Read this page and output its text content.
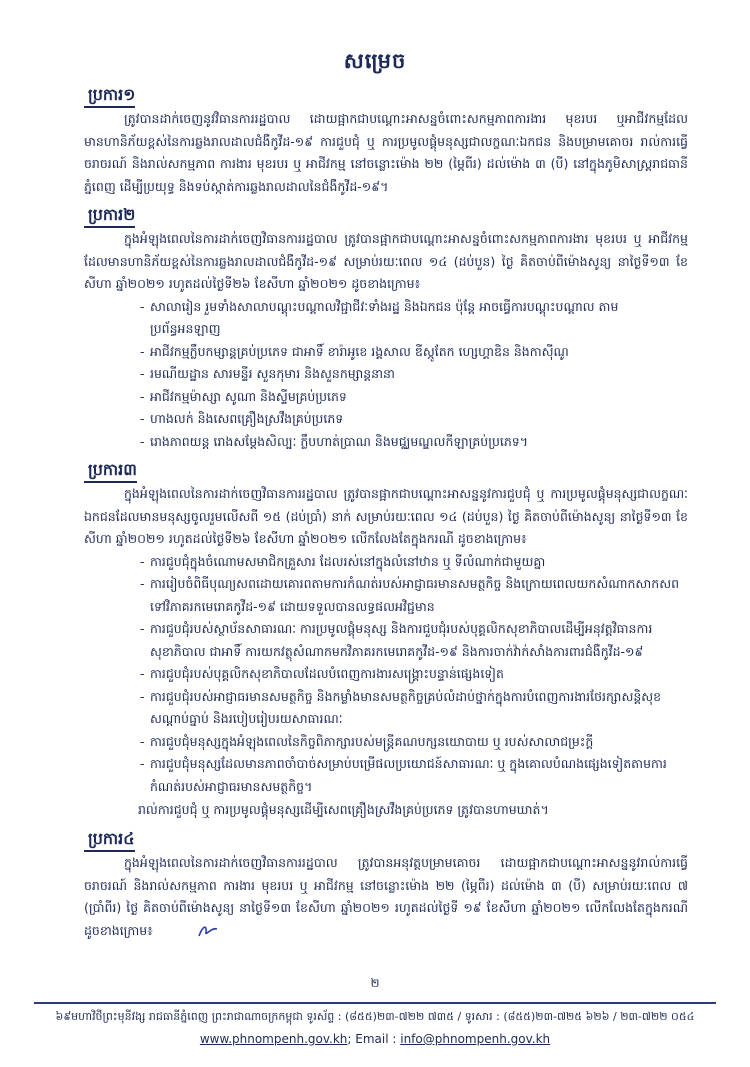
សម្រេច
ប្រការ១

ត្រូវបានដាក់ចេញនូវវិធានការរដ្ឋបាល ដោយផ្អាកជាបណ្តោះអាសន្នចំពោះសកម្មភាពការងារ មុខរបរ ឬអាជីវកម្មដែលមានហានិភ័យខ្ពស់នៃការឆ្លងរាលដាលជំងឺកូវីដ-១៩ ការជួបជុំ ឬ ការប្រមូលផ្តុំមនុស្សជាលក្ខណៈឯកជន និងបម្រាមគោចរ រាល់ការធ្វើចរាចរណ៍ និងរាល់សកម្មភាព ការងារ មុខរបរ ឬ អាជីវកម្ម នៅចន្លោះម៉ោង ២២ (ម្ភៃពីរ) ដល់ម៉ោង ៣ (បី) នៅក្នុងភូមិសាស្ត្ររាជធានីភ្នំពេញ ដើម្បីប្រយុទ្ធ និងទប់ស្កាត់ការឆ្លងរាលដាលនៃជំងឺកូវីដ-១៩។

ប្រការ២

ក្នុងអំឡុងពេលនៃការដាក់ចេញវិធានការរដ្ឋបាល ត្រូវបានផ្អាកជាបណ្តោះអាសន្នចំពោះសកម្មភាពការងារ មុខរបរ ឬ អាជីវកម្មដែលមានហានិភ័យខ្ពស់នៃការឆ្លងរាលដាលជំងឺកូវីដ-១៩ សម្រាប់រយៈពេល ១៤ (ដប់បួន) ថ្ងៃ គិតចាប់ពីម៉ោងសូន្យ នាថ្ងៃទី១៣ ខែសីហា ឆ្នាំ២០២១ រហូតដល់ថ្ងៃទី២៦ ខែសីហា ឆ្នាំ២០២១ ដូចខាងក្រោម៖

- សាលារៀន រួមទាំងសាលាបណ្តុះបណ្តាលវិជ្ជាជីវៈទាំងរដ្ឋ និងឯកជន ប៉ុន្តែ អាចធ្វើការបណ្តុះបណ្តាល តាមប្រព័ន្ធអនឡាញ
- អាជីវកម្មក្លឹបកម្សាន្តគ្រប់ប្រភេទ ជាអាទិ៍ ខារ៉ាអូខេ រង្គសាល ឌីស្កូតែក ហ្សេហ្គាឌិន និងកាស៊ីណូ
- រមណីយដ្ឋាន សារមន្ទីរ សួនកុមារ និងសួនកម្សាន្តនានា
- អាជីវកម្មម៉ាស្សា សូណា និងស្ទីមគ្រប់ប្រភេទ
- ហាងលក់ និងសេពគ្រឿងស្រវឹងគ្រប់ប្រភេទ
- រោងភាពយន្ត រោងសម្តែងសិល្បៈ ក្លឹបហាត់ប្រាណ និងមជ្ឈមណ្ឌលកីឡាគ្រប់ប្រភេទ។
ប្រការ៣

ក្នុងអំឡុងពេលនៃការដាក់ចេញវិធានការរដ្ឋបាល ត្រូវបានផ្អាកជាបណ្តោះអាសន្ននូវការជួបជុំ ឬ ការប្រមូលផ្តុំមនុស្សជាលក្ខណៈឯកជនដែលមានមនុស្សចូលរួមលើសពី ១៥ (ដប់ប្រាំ) នាក់ សម្រាប់រយៈពេល ១៤ (ដប់បួន) ថ្ងៃ គិតចាប់ពីម៉ោងសូន្យ នាថ្ងៃទី១៣ ខែសីហា ឆ្នាំ២០២១ រហូតដល់ថ្ងៃទី២៦ ខែសីហា ឆ្នាំ២០២១ លើកលែងតែក្នុងករណី ដូចខាងក្រោម៖

- ការជួបជុំក្នុងចំណោមសមាជិកគ្រួសារ ដែលរស់នៅក្នុងលំនៅឋាន ឬ ទីលំណាក់ជាមួយគ្នា
- ការរៀបចំពិធីបុណ្យសពដោយគោរពតាមការកំណត់របស់អាជ្ញាធរមានសមត្ថកិច្ច និងក្រោយពេលយកសំណាកសាកសពទៅវិភាគរកមេរោគកូវីដ-១៩ ដោយទទួលបានលទ្ធផលអវិជ្ជមាន
- ការជួបជុំរបស់ស្ថាប័នសាធារណៈ ការប្រមូលផ្តុំមនុស្ស និងការជួបជុំរបស់បុគ្គលិកសុខាភិបាលដើម្បីអនុវត្តវិធានការសុខាភិបាល ជាអាទិ៍ ការយកវត្ថុសំណាកមកវិភាគរកមេរោគកូវីដ-១៩ និងការចាក់វ៉ាក់សាំងការពារជំងឺកូវីដ-១៩
- ការជួបជុំរបស់បុគ្គលិកសុខាភិបាលដែលបំពេញការងារសង្គ្រោះបន្ទាន់ផ្សេងទៀត
- ការជួបជុំរបស់អាជ្ញាធរមានសមត្ថកិច្ច និងកម្លាំងមានសមត្ថកិច្ចគ្រប់លំដាប់ថ្នាក់ក្នុងការបំពេញការងារថែរក្សាសន្តិសុខ សណ្តាប់ធ្នាប់ និងរបៀបរៀបរយសាធារណៈ
- ការជួបជុំមនុស្សក្នុងអំឡុងពេលនៃកិច្ចពិភាក្សារបស់មន្ត្រីគណបក្សនយោបាយ ឬ របស់សាលាជម្រះក្តី
- ការជួបជុំមនុស្សដែលមានភាពចាំបាច់សម្រាប់បម្រើផលប្រយោជន៍សាធារណៈ ឬ ក្នុងគោលបំណងផ្សេងទៀតតាមការកំណត់របស់អាជ្ញាធរមានសមត្ថកិច្ច។

រាល់ការជួបជុំ ឬ ការប្រមូលផ្តុំមនុស្សដើម្បីសេពគ្រឿងស្រវឹងគ្រប់ប្រភេទ ត្រូវបានហាមឃាត់។

ប្រការ៤

ក្នុងអំឡុងពេលនៃការដាក់ចេញវិធានការរដ្ឋបាល ត្រូវបានអនុវត្តបម្រាមគោចរ ដោយផ្អាកជាបណ្តោះអាសន្ននូវរាល់ការធ្វើចរាចរណ៍ និងរាល់សកម្មភាព ការងារ មុខរបរ ឬ អាជីវកម្ម នៅចន្លោះម៉ោង ២២ (ម្ភៃពីរ) ដល់ម៉ោង ៣ (បី) សម្រាប់រយៈពេល ៧ (ប្រាំពីរ) ថ្ងៃ គិតចាប់ពីម៉ោងសូន្យ នាថ្ងៃទី១៣ ខែសីហា ឆ្នាំ២០២១ រហូតដល់ថ្ងៃទី ១៩ ខែសីហា ឆ្នាំ២០២១ លើកលែងតែក្នុងករណី ដូចខាងក្រោម៖

២
៦៩មហាវិថីព្រះមុនីវង្ស រាជធានីភ្នំពេញ ព្រះរាជាណាចក្រកម្ពុជា ទូរស័ព្ទ : (៨៥៥)២៣-៧២២ ៧៣៥ / ទូរសារ : (៨៥៥)២៣-៧២៥ ៦២៦ / ២៣-៧២២ ០៥៤
www.phnompenh.gov.kh; Email : info@phnompenh.gov.kh
